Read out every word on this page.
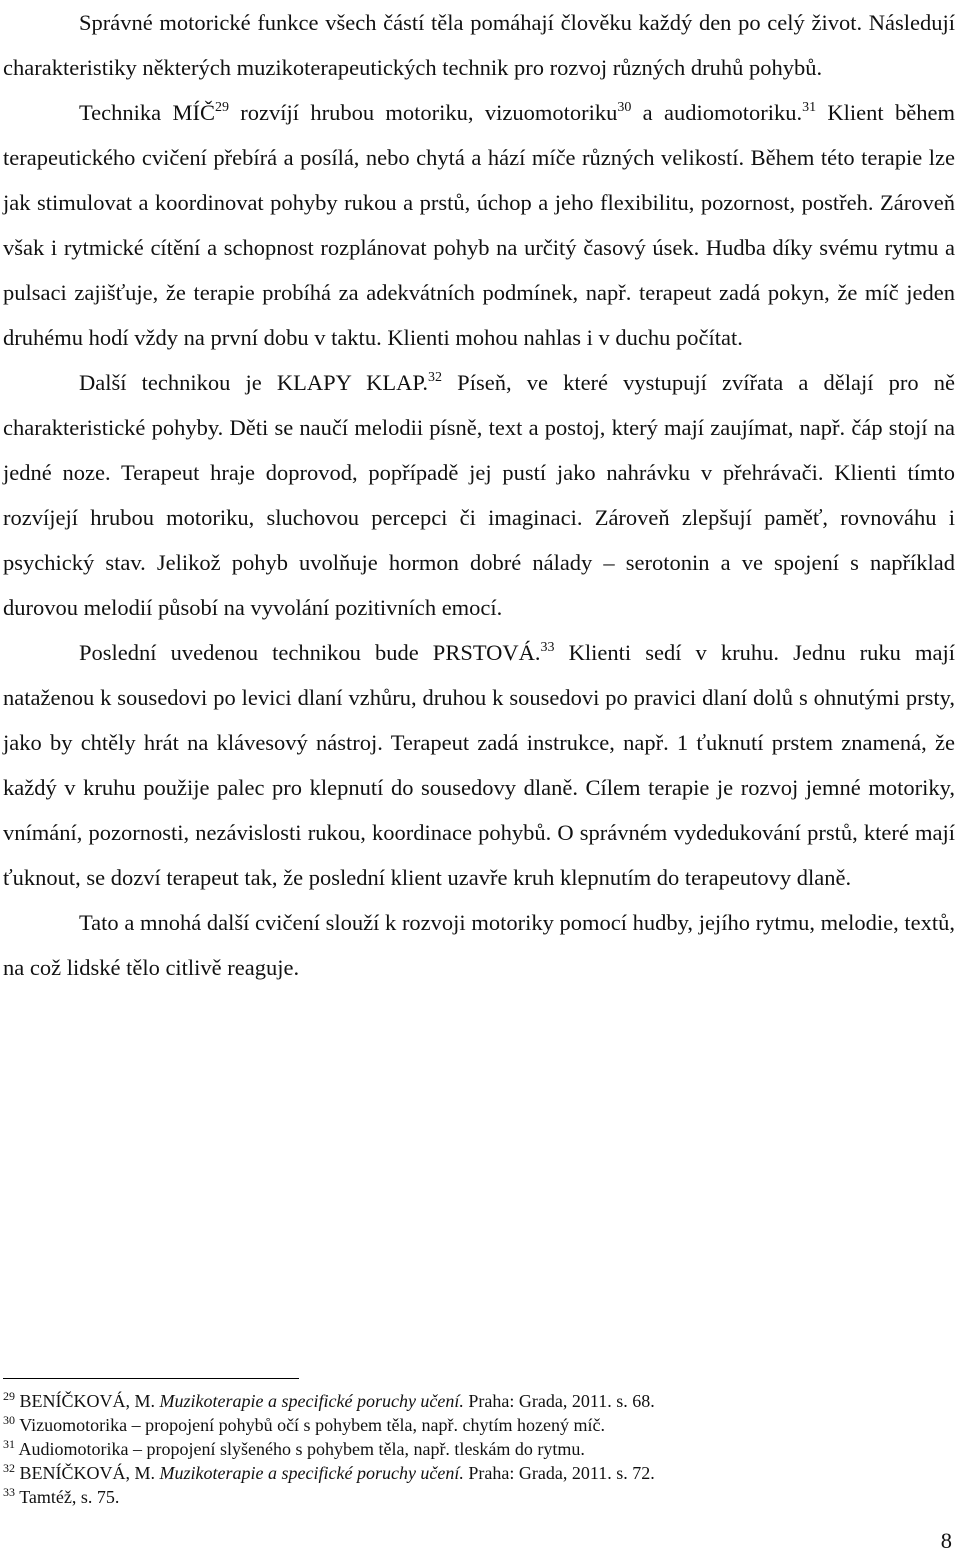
Správné motorické funkce všech částí těla pomáhají člověku každý den po celý život. Následují charakteristiky některých muzikoterapeutických technik pro rozvoj různých druhů pohybů.

Technika MÍČ$^{29}$ rozvíjí hrubou motoriku, vizuomotoriku$^{30}$ a audiomotoriku.$^{31}$ Klient během terapeutického cvičení přebírá a posílá, nebo chytá a hází míče různých velikostí. Během této terapie lze jak stimulovat a koordinovat pohyby rukou a prstů, úchop a jeho flexibilitu, pozornost, postřeh. Zároveň však i rytmické cítění a schopnost rozplánovat pohyb na určitý časový úsek. Hudba díky svému rytmu a pulsaci zajišťuje, že terapie probíhá za adekvátních podmínek, např. terapeut zadá pokyn, že míč jeden druhému hodí vždy na první dobu v taktu. Klienti mohou nahlas i v duchu počítat.

Další technikou je KLAPY KLAP.$^{32}$ Píseň, ve které vystupují zvířata a dělají pro ně charakteristické pohyby. Děti se naučí melodii písně, text a postoj, který mají zaujímat, např. čáp stojí na jedné noze. Terapeut hraje doprovod, popřípadě jej pustí jako nahrávku v přehrávači. Klienti tímto rozvíjejí hrubou motoriku, sluchovou percepci či imaginaci. Zároveň zlepšují paměť, rovnováhu i psychický stav. Jelikož pohyb uvolňuje hormon dobré nálady – serotonin a ve spojení s například durovou melodií působí na vyvolání pozitivních emocí.

Poslední uvedenou technikou bude PRSTOVÁ.$^{33}$ Klienti sedí v kruhu. Jednu ruku mají nataženou k sousedovi po levici dlaní vzhůru, druhou k sousedovi po pravici dlaní dolů s ohnutými prsty, jako by chtěly hrát na klávesový nástroj. Terapeut zadá instrukce, např. 1 ťuknutí prstem znamená, že každý v kruhu použije palec pro klepnutí do sousedovy dlaně. Cílem terapie je rozvoj jemné motoriky, vnímání, pozornosti, nezávislosti rukou, koordinace pohybů. O správném vydedukování prstů, které mají ťuknout, se dozví terapeut tak, že poslední klient uzavře kruh klepnutím do terapeutovy dlaně.

Tato a mnohá další cvičení slouží k rozvoji motoriky pomocí hudby, jejího rytmu, melodie, textů, na což lidské tělo citlivě reaguje.

$^{29}$ BENÍČKOVÁ, M. Muzikoterapie a specifické poruchy učení. Praha: Grada, 2011. s. 68.

$^{30}$ Vizuomotorika – propojení pohybů očí s pohybem těla, např. chytím hozený míč.

$^{31}$ Audiomotorika – propojení slyšeného s pohybem těla, např. tleskám do rytmu.

$^{32}$ BENÍČKOVÁ, M. Muzikoterapie a specifické poruchy učení. Praha: Grada, 2011. s. 72.

$^{33}$ Tamtéž, s. 75.

8
